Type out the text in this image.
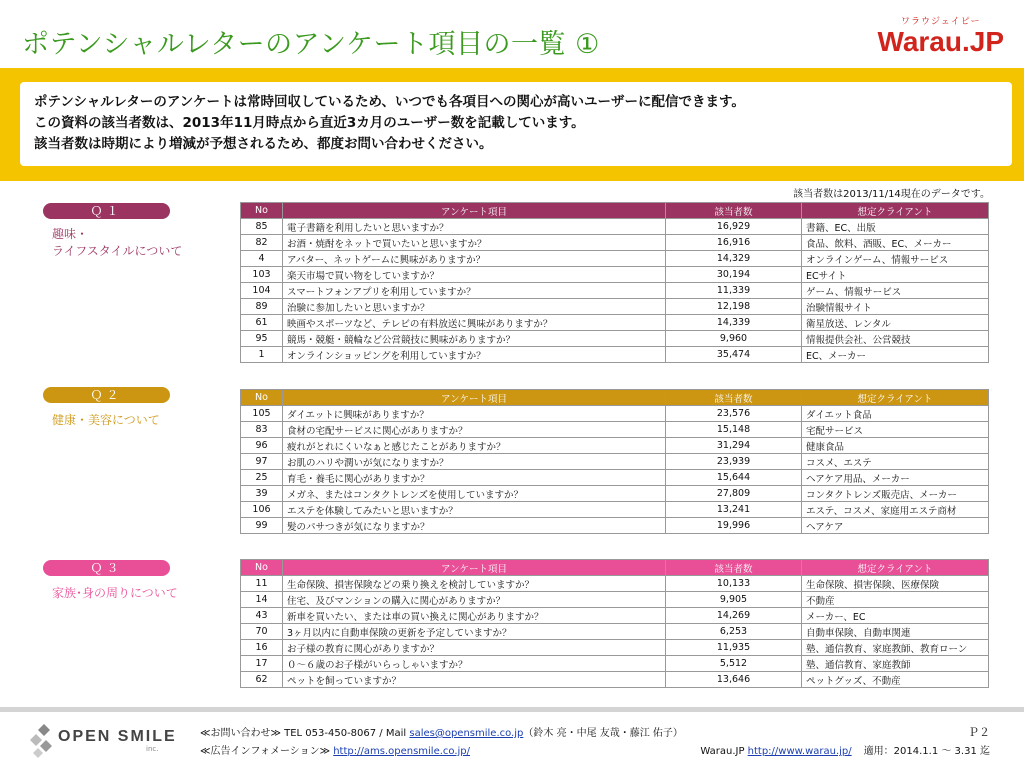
ポテンシャルレターのアンケート項目の一覧 ①
ワラウジェイピー
Warau.JP
ポテンシャルレターのアンケートは常時回収しているため、いつでも各項目への関心が高いユーザーに配信できます。
この資料の該当者数は、2013年11月時点から直近3カ月のユーザー数を記載しています。
該当者数は時期により増減が予想されるため、都度お問い合わせください。
該当者数は2013/11/14現在のデータです。
Ｑ１
趣味・
ライフスタイルについて
No	アンケート項目	該当者数	想定クライアント
85	電子書籍を利用したいと思いますか？	16,929	書籍、EC、出版
82	お酒・焼酎をネットで買いたいと思いますか？	16,916	食品、飲料、酒販、EC、メーカー
4	アバター、ネットゲームに興味がありますか？	14,329	オンラインゲーム、情報サービス
103	楽天市場で買い物をしていますか？	30,194	ECサイト
104	スマートフォンアプリを利用していますか？	11,339	ゲーム、情報サービス
89	治験に参加したいと思いますか？	12,198	治験情報サイト
61	映画やスポーツなど、テレビの有料放送に興味がありますか？	14,339	衛星放送、レンタル
95	競馬・競艇・競輪など公営競技に興味がありますか？	9,960	情報提供会社、公営競技
1	オンラインショッピングを利用していますか？	35,474	EC、メーカー
Ｑ２
健康・美容について
No	アンケート項目	該当者数	想定クライアント
105	ダイエットに興味がありますか？	23,576	ダイエット食品
83	食材の宅配サービスに関心がありますか？	15,148	宅配サービス
96	疲れがとれにくいなぁと感じたことがありますか？	31,294	健康食品
97	お肌のハリや潤いが気になりますか？	23,939	コスメ、エステ
25	育毛・養毛に関心がありますか？	15,644	ヘアケア用品、メーカー
39	メガネ、またはコンタクトレンズを使用していますか？	27,809	コンタクトレンズ販売店、メーカー
106	エステを体験してみたいと思いますか？	13,241	エステ、コスメ、家庭用エステ商材
99	髪のパサつきが気になりますか？	19,996	ヘアケア
Ｑ３
家族･身の周りについて
No	アンケート項目	該当者数	想定クライアント
11	生命保険、損害保険などの乗り換えを検討していますか？	10,133	生命保険、損害保険、医療保険
14	住宅、及びマンションの購入に関心がありますか？	9,905	不動産
43	新車を買いたい、または車の買い換えに関心がありますか？	14,269	メーカー、EC
70	3ヶ月以内に自動車保険の更新を予定していますか？	6,253	自動車保険、自動車関連
16	お子様の教育に関心がありますか？	11,935	塾、通信教育、家庭教師、教育ローン
17	０～６歳のお子様がいらっしゃいますか？	5,512	塾、通信教育、家庭教師
62	ペットを飼っていますか？	13,646	ペットグッズ、不動産
OPEN SMILE
inc.
≪お問い合わせ≫ TEL 053-450-8067 / Mail sales@opensmile.co.jp（鈴木 亮・中尾 友哉・藤江 佑子）
≪広告インフォメーション≫ http://ams.opensmile.co.jp/	Warau.JP http://www.warau.jp/ 適用：2014.1.1 ～ 3.31 迄
Ｐ２
